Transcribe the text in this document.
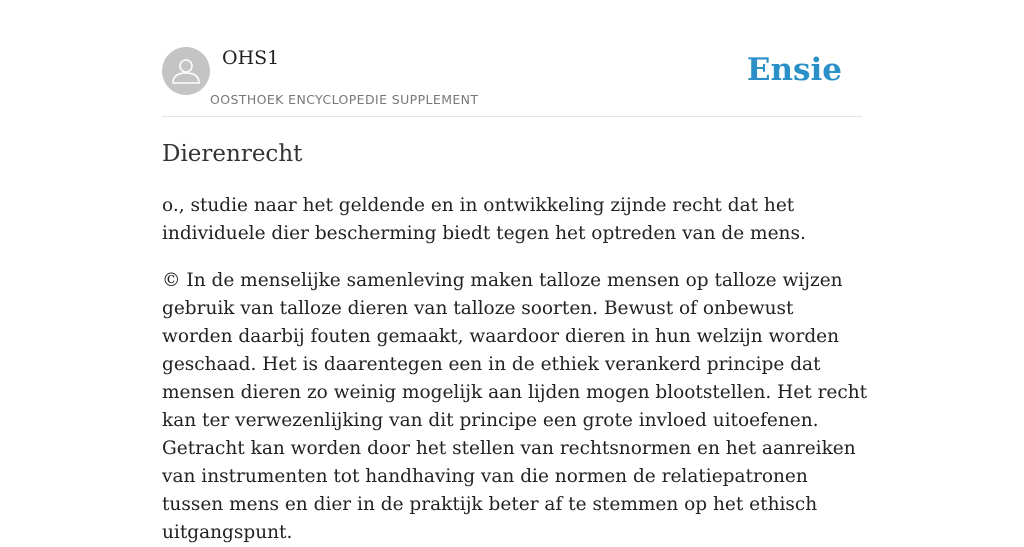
OHS1
OOSTHOEK ENCYCLOPEDIE SUPPLEMENT
Ensie
Dierenrecht

o., studie naar het geldende en in ontwikkeling zijnde recht dat het individuele dier bescherming biedt tegen het optreden van de mens.

© In de menselijke samenleving maken talloze mensen op talloze wijzen gebruik van talloze dieren van talloze soorten. Bewust of onbewust worden daarbij fouten gemaakt, waardoor dieren in hun welzijn worden geschaad. Het is daarentegen een in de ethiek verankerd principe dat mensen dieren zo weinig mogelijk aan lijden mogen blootstellen. Het recht kan ter verwezenlijking van dit principe een grote invloed uitoefenen. Getracht kan worden door het stellen van rechtsnormen en het aanreiken van instrumenten tot handhaving van die normen de relatiepatronen tussen mens en dier in de praktijk beter af te stemmen op het ethisch uitgangspunt.
